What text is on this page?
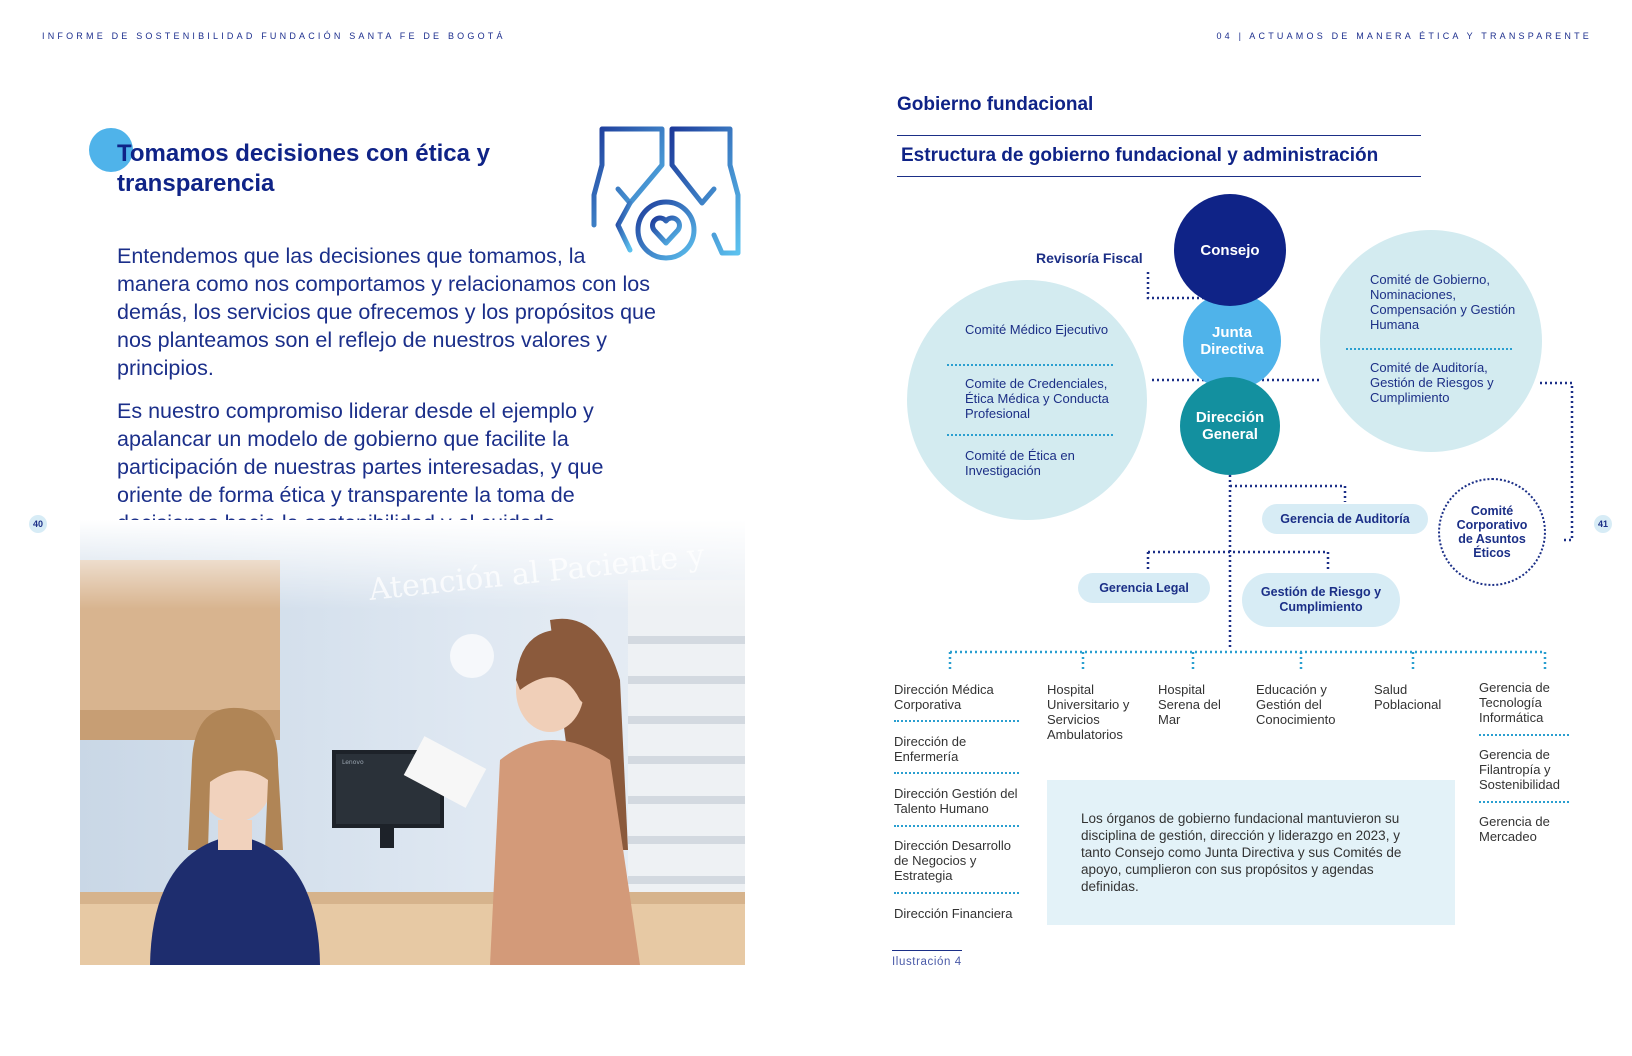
INFORME DE SOSTENIBILIDAD FUNDACIÓN SANTA FE DE BOGOTÁ	04 | ACTUAMOS DE MANERA ÉTICA Y TRANSPARENTE
40	41
Tomamos decisiones con ética y transparencia
Entendemos que las decisiones que tomamos, la manera como nos comportamos y relacionamos con los demás, los servicios que ofrecemos y los propósitos que nos planteamos son el reflejo de nuestros valores y principios.
Es nuestro compromiso liderar desde el ejemplo y apalancar un modelo de gobierno que facilite la participación de nuestras partes interesadas, y que oriente de forma ética y transparente la toma de
Gobierno fundacional
Estructura de gobierno fundacional y administración
Revisoría Fiscal
Comité Médico Ejecutivo
Comite de Credenciales, Ética Médica y Conducta Profesional
Comité de Ética en Investigación
Comité de Gobierno, Nominaciones, Compensación y Gestión Humana
Comité de Auditoría, Gestión de Riesgos y Cumplimiento
Junta Directiva
Dirección General
Consejo
Comité Corporativo de Asuntos Éticos
Gerencia de Auditoría
Gerencia Legal	Gestión de Riesgo y Cumplimiento
Dirección Médica Corporativa
Dirección de Enfermería
Dirección Gestión del Talento Humano
Dirección Desarrollo de Negocios y Estrategia
Dirección Financiera
Hospital Universitario y Servicios Ambulatorios
Hospital Serena del Mar
Educación y Gestión del Conocimiento
Salud Poblacional
Gerencia de Tecnología Informática
Gerencia de Filantropía y Sostenibilidad
Gerencia de Mercadeo

Los órganos de gobierno fundacional mantuvieron su disciplina de gestión, dirección y liderazgo en 2023, y tanto Consejo como Junta Directiva y sus Comités de apoyo, cumplieron con sus propósitos y agendas definidas.

Ilustración 4
